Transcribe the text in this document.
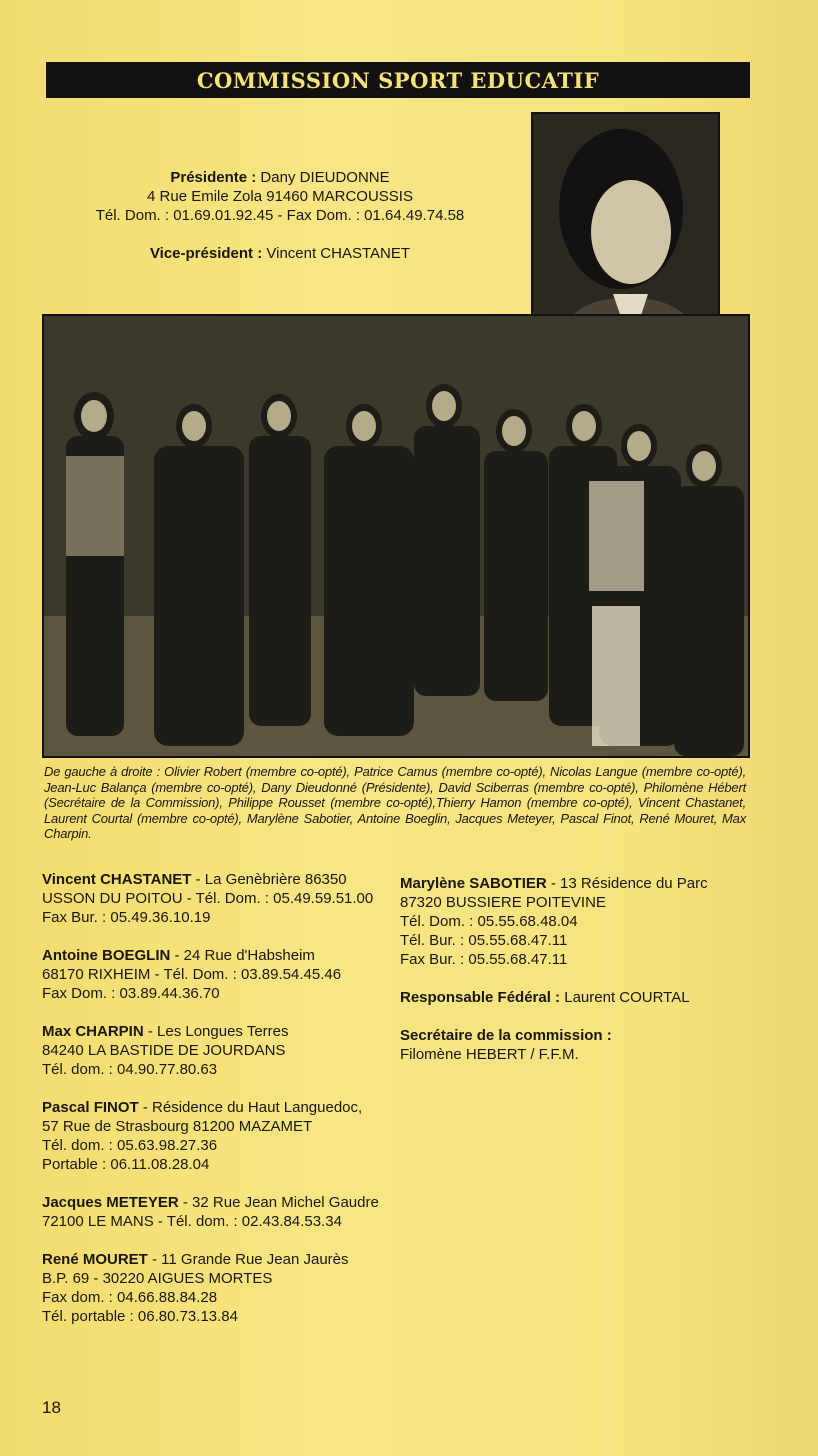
COMMISSION SPORT EDUCATIF
Présidente : Dany DIEUDONNE
4 Rue Emile Zola 91460 MARCOUSSIS
Tél. Dom. : 01.69.01.92.45 - Fax Dom. : 01.64.49.74.58
Vice-président : Vincent CHASTANET
De gauche à droite : Olivier Robert (membre co-opté), Patrice Camus (membre co-opté), Nicolas Langue (membre co-opté), Jean-Luc Balança (membre co-opté), Dany Dieudonné (Présidente), David Sciberras (membre co-opté), Philomène Hébert (Secrétaire de la Commission), Philippe Rousset (membre co-opté),Thierry Hamon (membre co-opté), Vincent Chastanet, Laurent Courtal (membre co-opté), Marylène Sabotier, Antoine Boeglin, Jacques Meteyer, Pascal Finot, René Mouret, Max Charpin.
Vincent CHASTANET - La Genèbrière 86350
USSON DU POITOU - Tél. Dom. : 05.49.59.51.00
Fax Bur. : 05.49.36.10.19
Antoine BOEGLIN - 24 Rue d'Habsheim
68170 RIXHEIM - Tél. Dom. : 03.89.54.45.46
Fax Dom. : 03.89.44.36.70
Max CHARPIN - Les Longues Terres
84240 LA BASTIDE DE JOURDANS
Tél. dom. : 04.90.77.80.63
Pascal FINOT - Résidence du Haut Languedoc,
57 Rue de Strasbourg 81200 MAZAMET
Tél. dom. : 05.63.98.27.36
Portable : 06.11.08.28.04
Jacques METEYER - 32 Rue Jean Michel Gaudre
72100 LE MANS - Tél. dom. : 02.43.84.53.34
René MOURET - 11 Grande Rue Jean Jaurès
B.P. 69 - 30220 AIGUES MORTES
Fax dom. : 04.66.88.84.28
Tél. portable : 06.80.73.13.84
Marylène SABOTIER - 13 Résidence du Parc
87320 BUSSIERE POITEVINE
Tél. Dom. : 05.55.68.48.04
Tél. Bur. : 05.55.68.47.11
Fax Bur. : 05.55.68.47.11
Responsable Fédéral : Laurent COURTAL
Secrétaire de la commission :
Filomène HEBERT / F.F.M.
18
